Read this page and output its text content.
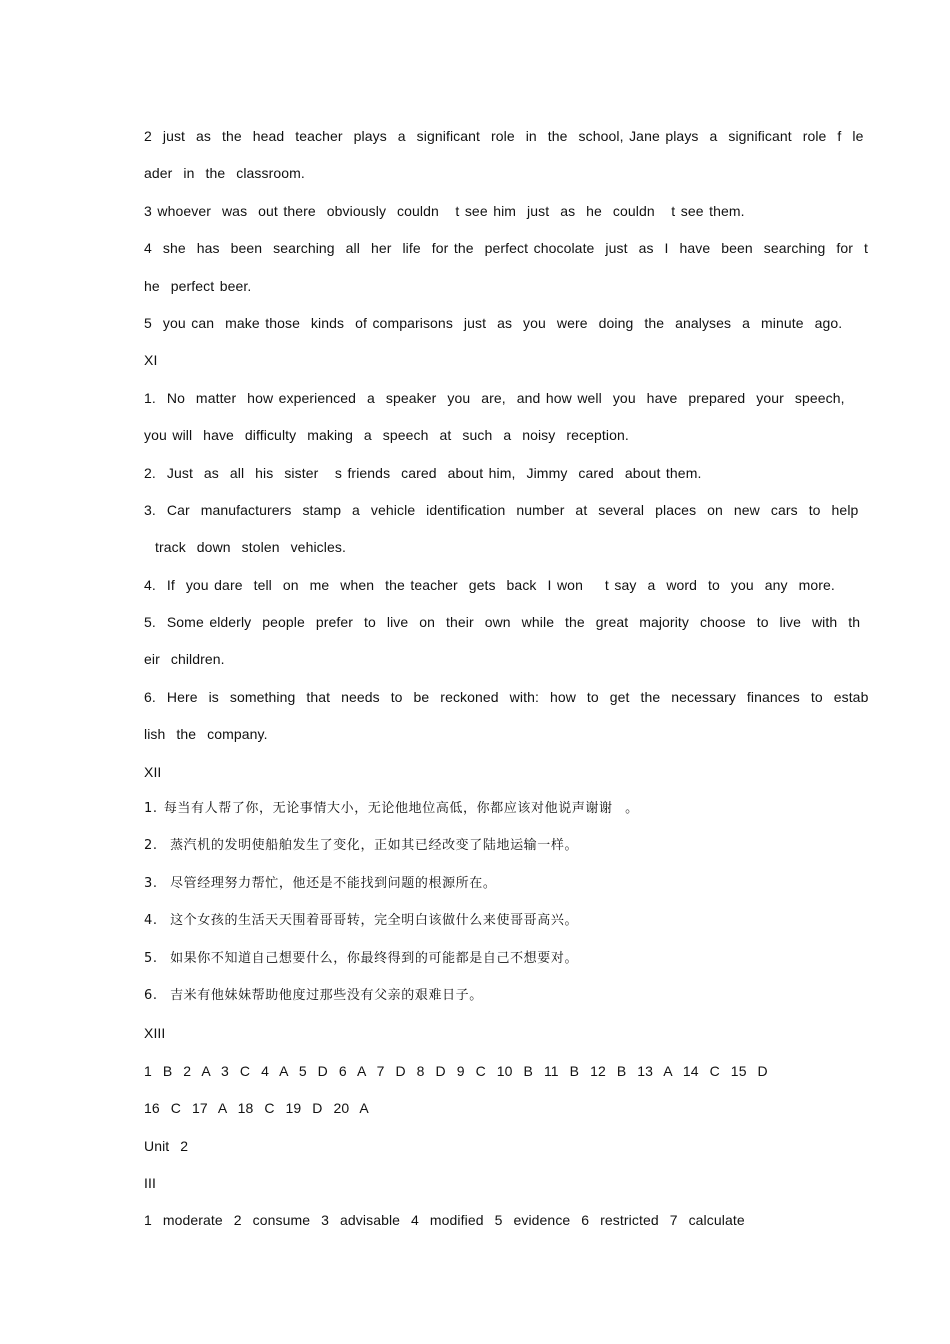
2  just  as  the  head  teacher  plays  a  significant  role  in  the  school, Jane plays  a  significant  role  f  le
ader  in  the  classroom.
3 whoever  was  out there  obviously  couldn   t see him  just  as  he  couldn   t see them.
4  she  has  been  searching  all  her  life  for the  perfect chocolate  just  as  I  have  been  searching  for  t
he  perfect beer.
5  you can  make those  kinds  of comparisons  just  as  you  were  doing  the  analyses  a  minute  ago.
XI
1.  No  matter  how experienced  a  speaker  you  are,  and how well  you  have  prepared  your  speech,
you will  have  difficulty  making  a  speech  at  such  a  noisy  reception.
2.  Just  as  all  his  sister   s friends  cared  about him,  Jimmy  cared  about them.
3.  Car  manufacturers  stamp  a  vehicle  identification  number  at  several  places  on  new  cars  to  help
track  down  stolen  vehicles.
4.  If  you dare  tell  on  me  when  the teacher  gets  back  I won    t say  a  word  to  you  any  more.
5.  Some elderly  people  prefer  to  live  on  their  own  while  the  great  majority  choose  to  live  with  th
eir  children.
6.  Here  is  something  that  needs  to  be  reckoned  with:  how  to  get  the  necessary  finances  to  estab
lish  the  company.
XII
1. 每当有人帮了你，无论事情大小，无论他地位高低，你都应该对他说声谢谢  。
2.  蒸汽机的发明使船舶发生了变化，正如其已经改变了陆地运输一样。
3.  尽管经理努力帮忙，他还是不能找到问题的根源所在。
4.  这个女孩的生活天天围着哥哥转，完全明白该做什么来使哥哥高兴。
5.  如果你不知道自己想要什么，你最终得到的可能都是自己不想要对。
6.  吉米有他妹妹帮助他度过那些没有父亲的艰难日子。
XIII
1  B  2  A  3  C  4  A  5  D  6  A  7  D  8  D  9  C  10  B  11  B  12  B  13  A  14  C  15  D
16  C  17  A  18  C  19  D  20  A
Unit  2
III
1  moderate  2  consume  3  advisable  4  modified  5  evidence  6  restricted  7  calculate
